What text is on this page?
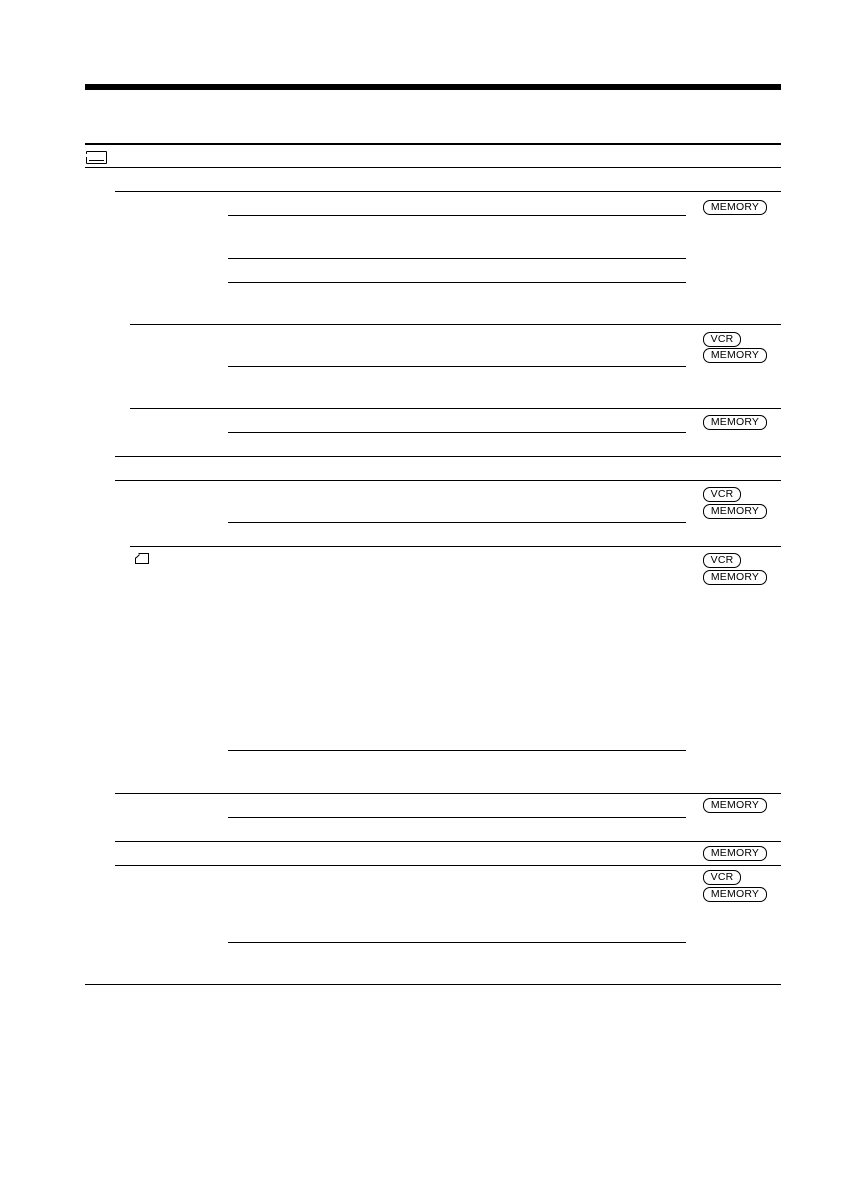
MEMORY
VCR
MEMORY
MEMORY
VCR
MEMORY
VCR
MEMORY
MEMORY
MEMORY
VCR
MEMORY
